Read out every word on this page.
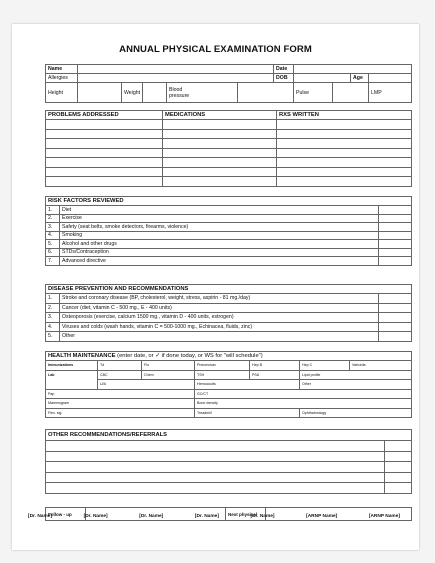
ANNUAL PHYSICAL EXAMINATION FORM
Name						Date				
Allergies						DOB			Age	
Height		Weight		Blood pressure			Pulse			LMP
PROBLEMS ADDRESSED	MEDICATIONS	RXS WRITTEN

RISK FACTORS REVIEWED		
1.	Diet	
2.	Exercise	
3.	Safety (seat belts, smoke detectors, firearms, violence)	
4.	Smoking	
5.	Alcohol and other drugs	
6.	STDs/Contraception	
7.	Advanced directive	
DISEASE PREVENTION AND RECOMMENDATIONS		
1.	Stroke and coronary disease (BP, cholesterol, weight, stress, aspirin - 81 mg./day)	
2.	Cancer (diet, vitamin C - 500 mg., E - 400 units)	
3.	Osteoporosis (exercise, calcium 1500 mg., vitamin D - 400 units, estrogen)	
4.	Viruses and colds (wash hands, vitamin C = 500-1000 mg., Echinacea, fluids, zinc)	
5.	Other	
HEALTH MAINTENANCE (enter date, or ✓ if done today, or WS for "will schedule")						
Immunizations	Td	Flu	Pneumovax	Hep B	Hep C	Varicella
Lab	CBC	Chem	TSH	PSA	Lipid profile	
	U/A		Hemoccults		Other	
Pap			GC/CT			
Mammogram			Bone density			
Flex. sig.			Treadmill		Ophthalmology	
OTHER RECOMMENDATIONS/REFERRALS	

Follow - up		Next physical	
[Dr. Name]	[Dr. Name]	[Dr. Name]	[Dr. Name]	[Dr. Name]	[ARNP Name]	[ARNP Name]
